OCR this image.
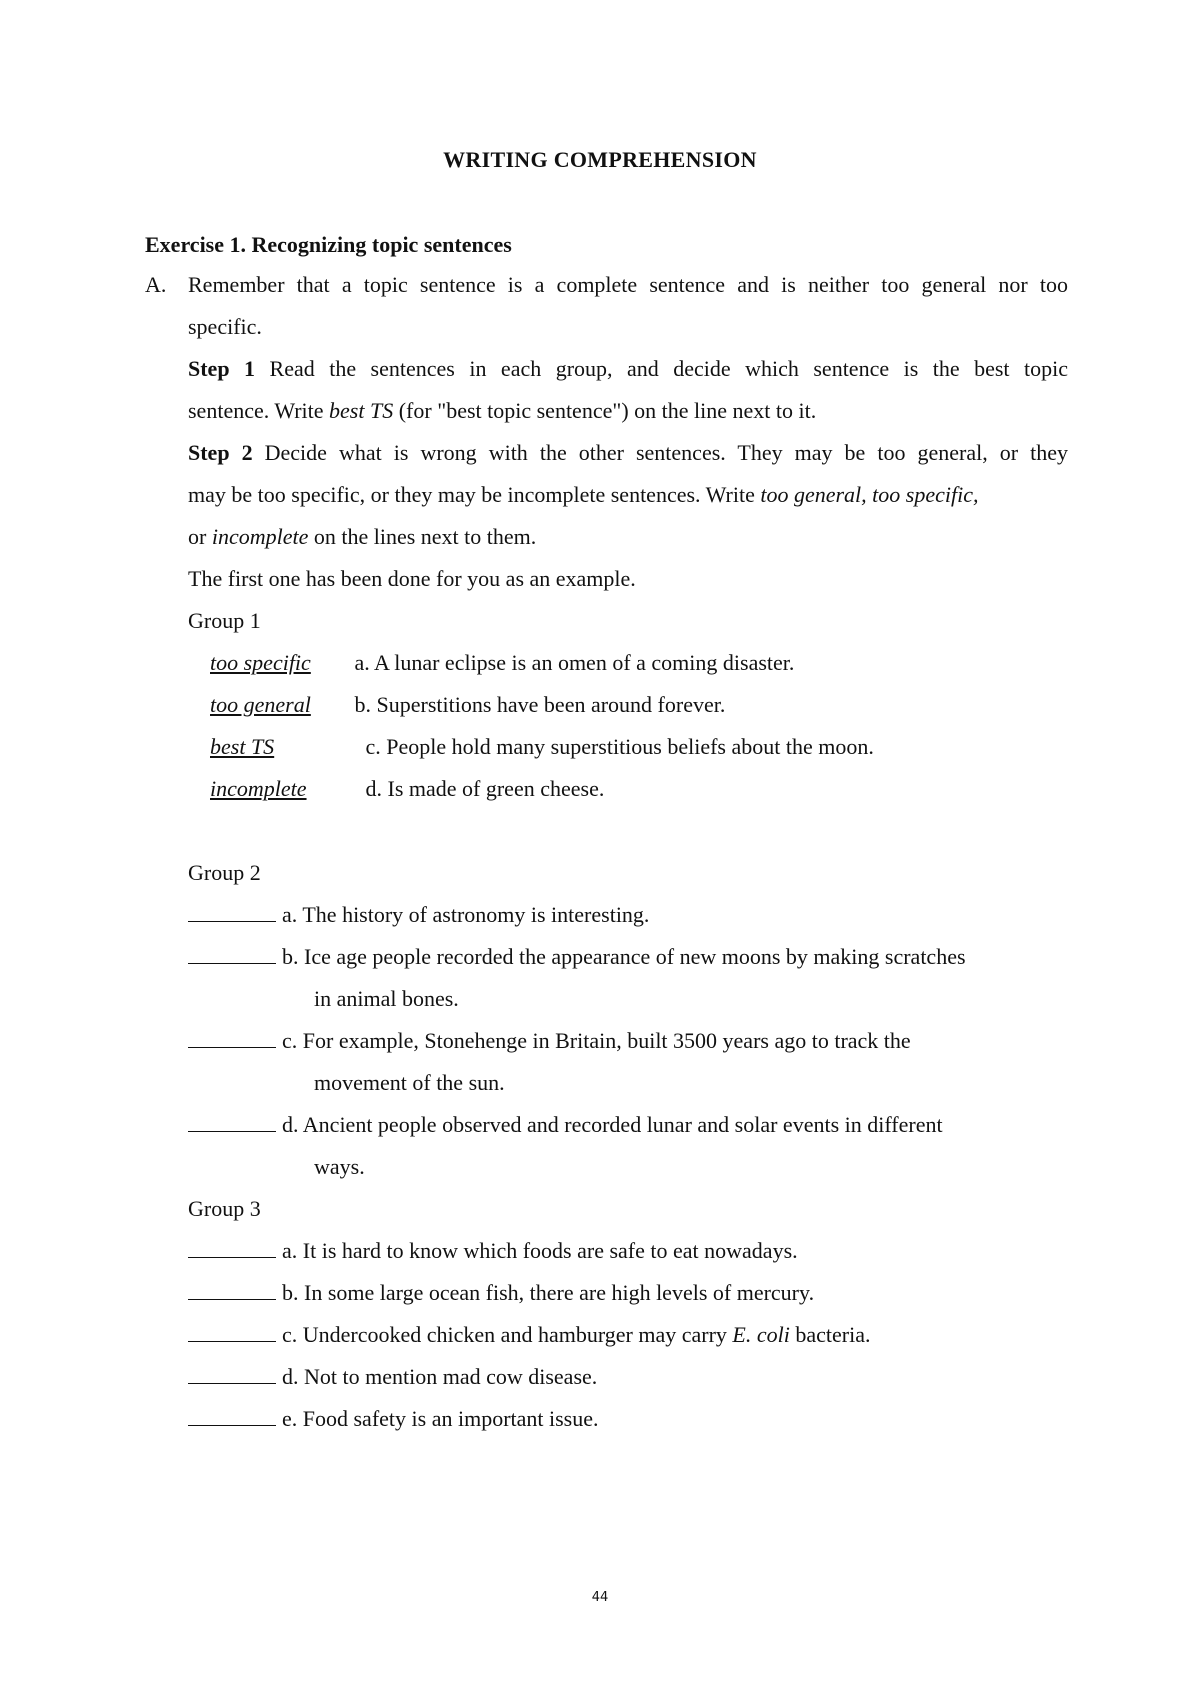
WRITING COMPREHENSION
Exercise 1. Recognizing topic sentences
A. Remember that a topic sentence is a complete sentence and is neither too general nor too
specific.
Step 1 Read the sentences in each group, and decide which sentence is the best topic
sentence. Write best TS (for "best topic sentence") on the line next to it.
Step 2 Decide what is wrong with the other sentences. They may be too general, or they
may be too specific, or they may be incomplete sentences. Write too general, too specific,
or incomplete on the lines next to them.
The first one has been done for you as an example.
Group 1
too specific a. A lunar eclipse is an omen of a coming disaster.
too general b. Superstitions have been around forever.
best TS	c. People hold many superstitious beliefs about the moon.
incomplete	d. Is made of green cheese.
Group 2
a. The history of astronomy is interesting.
b. Ice age people recorded the appearance of new moons by making scratches
in animal bones.
c. For example, Stonehenge in Britain, built 3500 years ago to track the
movement of the sun.
d. Ancient people observed and recorded lunar and solar events in different
ways.
Group 3
a. It is hard to know which foods are safe to eat nowadays.
b. In some large ocean fish, there are high levels of mercury.
c. Undercooked chicken and hamburger may carry E. coli bacteria.
d. Not to mention mad cow disease.
e. Food safety is an important issue.
44
